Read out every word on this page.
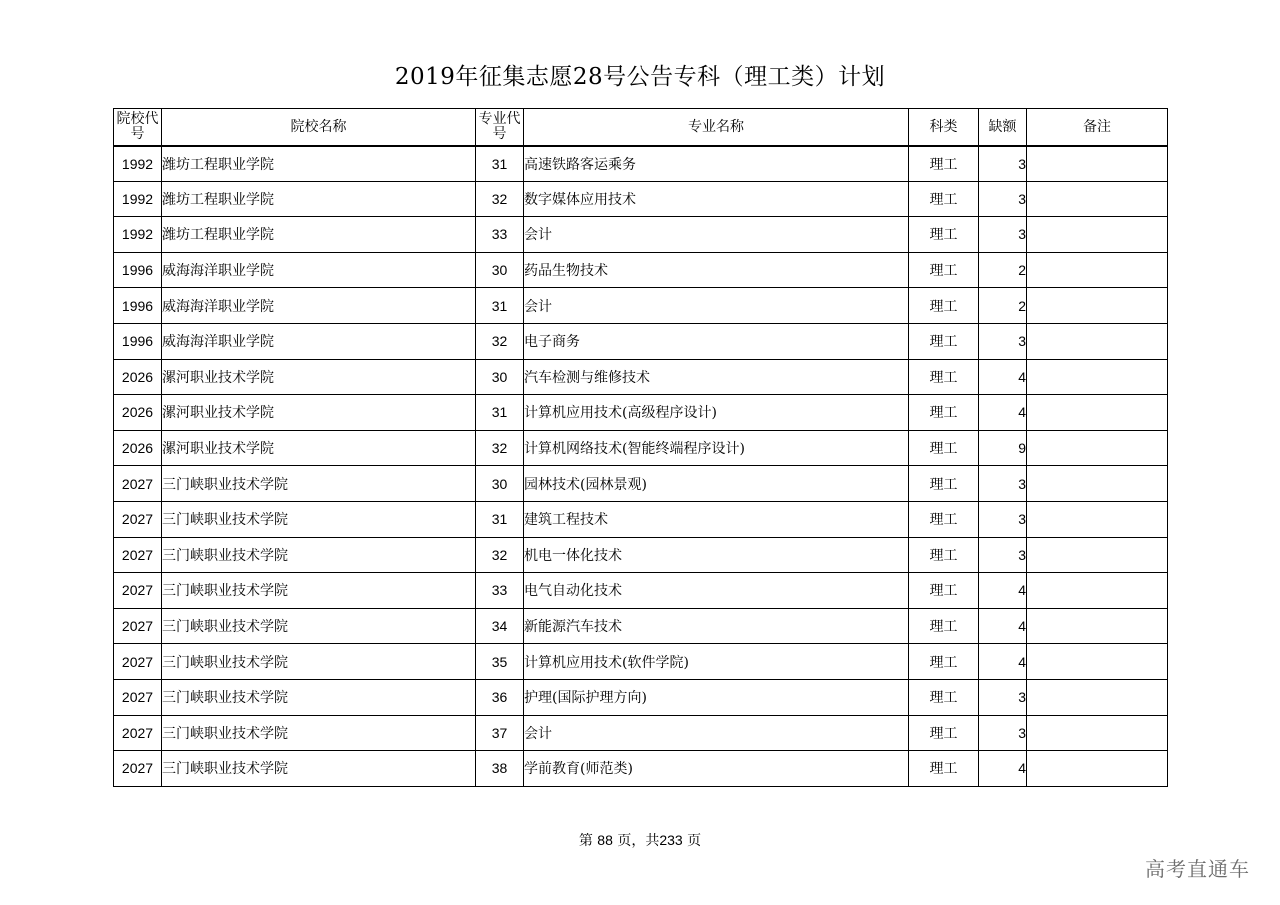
2019年征集志愿28号公告专科（理工类）计划
院校代号	院校名称	专业代号	专业名称	科类	缺额	备注
1992	潍坊工程职业学院	31	高速铁路客运乘务	理工	3	
1992	潍坊工程职业学院	32	数字媒体应用技术	理工	3	
1992	潍坊工程职业学院	33	会计	理工	3	
1996	威海海洋职业学院	30	药品生物技术	理工	2	
1996	威海海洋职业学院	31	会计	理工	2	
1996	威海海洋职业学院	32	电子商务	理工	3	
2026	漯河职业技术学院	30	汽车检测与维修技术	理工	4	
2026	漯河职业技术学院	31	计算机应用技术(高级程序设计)	理工	4	
2026	漯河职业技术学院	32	计算机网络技术(智能终端程序设计)	理工	9	
2027	三门峡职业技术学院	30	园林技术(园林景观)	理工	3	
2027	三门峡职业技术学院	31	建筑工程技术	理工	3	
2027	三门峡职业技术学院	32	机电一体化技术	理工	3	
2027	三门峡职业技术学院	33	电气自动化技术	理工	4	
2027	三门峡职业技术学院	34	新能源汽车技术	理工	4	
2027	三门峡职业技术学院	35	计算机应用技术(软件学院)	理工	4	
2027	三门峡职业技术学院	36	护理(国际护理方向)	理工	3	
2027	三门峡职业技术学院	37	会计	理工	3	
2027	三门峡职业技术学院	38	学前教育(师范类)	理工	4	
第 88 页，共233 页
高考直通车
